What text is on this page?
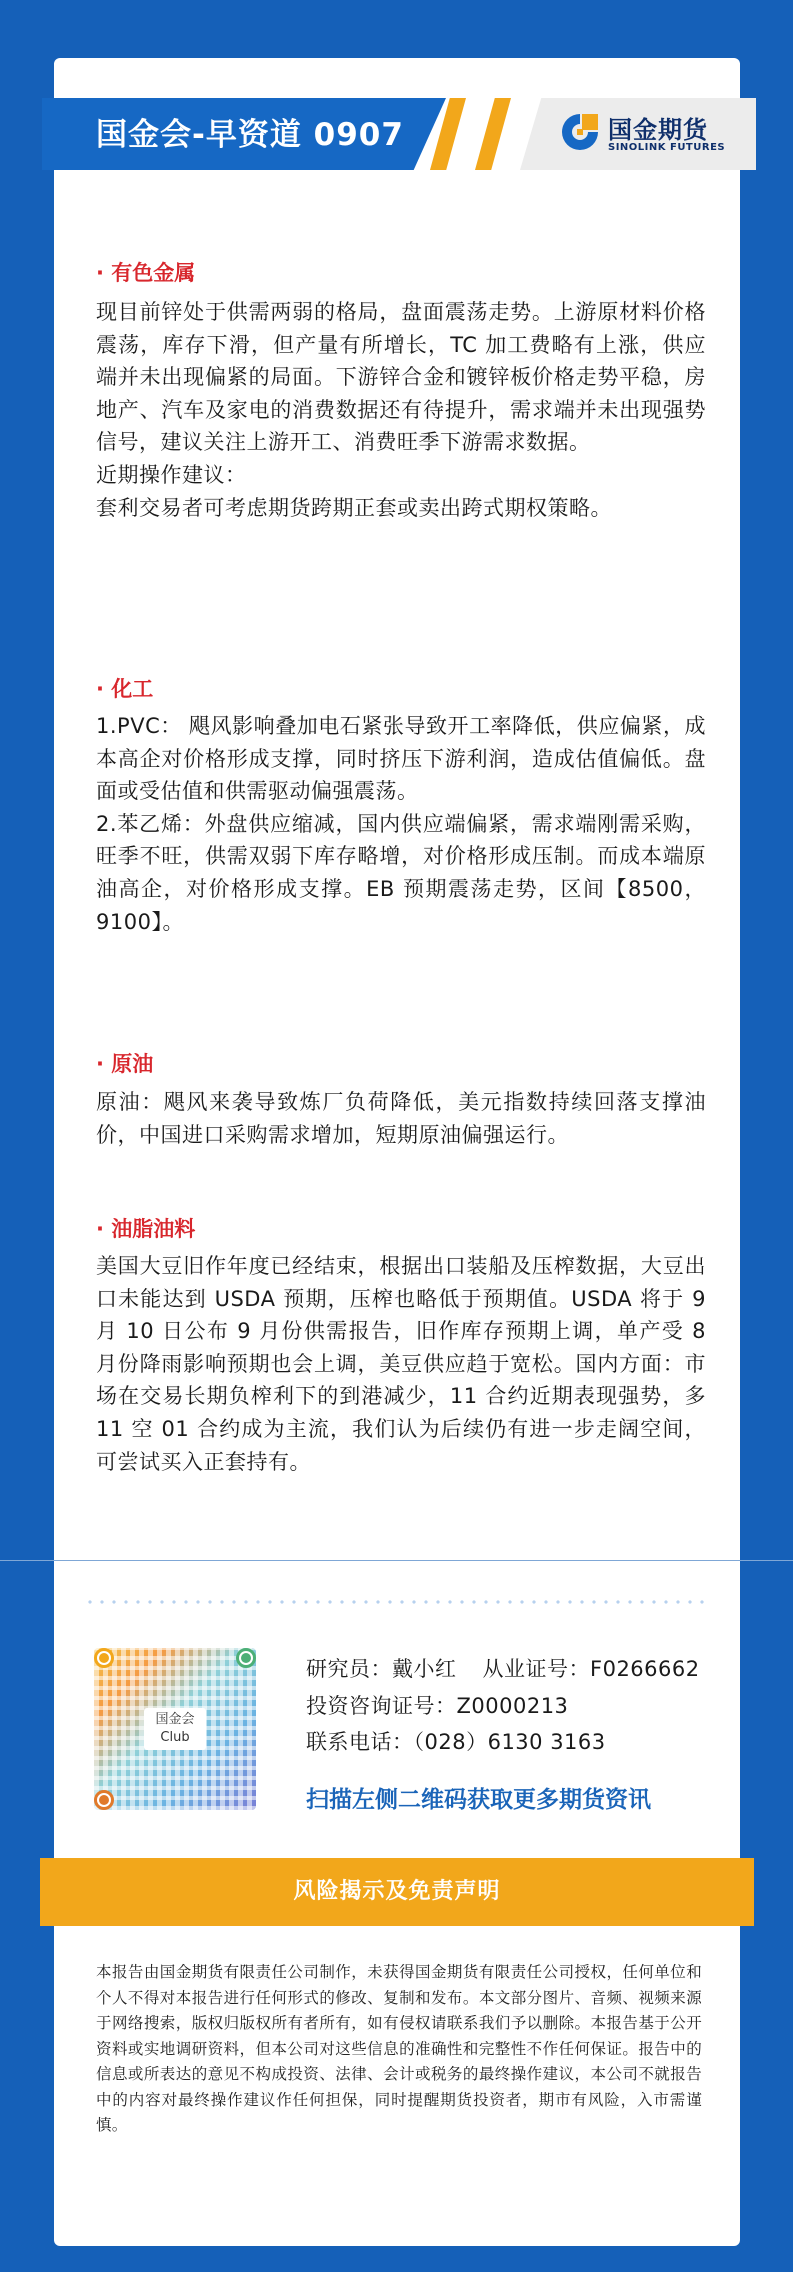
国金会-早资道 0907	国金期货
SINOLINK FUTURES
· 有色金属

现目前锌处于供需两弱的格局，盘面震荡走势。上游原材料价格震荡，库存下滑，但产量有所增长，TC 加工费略有上涨，供应端并未出现偏紧的局面。下游锌合金和镀锌板价格走势平稳，房地产、汽车及家电的消费数据还有待提升，需求端并未出现强势信号，建议关注上游开工、消费旺季下游需求数据。

近期操作建议：

套利交易者可考虑期货跨期正套或卖出跨式期权策略。

· 化工

1.PVC： 飓风影响叠加电石紧张导致开工率降低，供应偏紧，成本高企对价格形成支撑，同时挤压下游利润，造成估值偏低。盘面或受估值和供需驱动偏强震荡。

2.苯乙烯：外盘供应缩减，国内供应端偏紧，需求端刚需采购，旺季不旺，供需双弱下库存略增，对价格形成压制。而成本端原油高企，对价格形成支撑。EB 预期震荡走势，区间【8500，9100】。

· 原油

原油：飓风来袭导致炼厂负荷降低，美元指数持续回落支撑油价，中国进口采购需求增加，短期原油偏强运行。

· 油脂油料

美国大豆旧作年度已经结束，根据出口装船及压榨数据，大豆出口未能达到 USDA 预期，压榨也略低于预期值。USDA 将于 9 月 10 日公布 9 月份供需报告，旧作库存预期上调，单产受 8 月份降雨影响预期也会上调，美豆供应趋于宽松。国内方面：市场在交易长期负榨利下的到港减少，11 合约近期表现强势，多 11 空 01 合约成为主流，我们认为后续仍有进一步走阔空间，可尝试买入正套持有。

国金会
Club
研究员：戴小红 从业证号：F0266662
投资咨询证号：Z0000213
联系电话：（028）6130 3163
扫描左侧二维码获取更多期货资讯
风险揭示及免责声明
本报告由国金期货有限责任公司制作，未获得国金期货有限责任公司授权，任何单位和个人不得对本报告进行任何形式的修改、复制和发布。本文部分图片、音频、视频来源于网络搜索，版权归版权所有者所有，如有侵权请联系我们予以删除。本报告基于公开资料或实地调研资料，但本公司对这些信息的准确性和完整性不作任何保证。报告中的信息或所表达的意见不构成投资、法律、会计或税务的最终操作建议，本公司不就报告中的内容对最终操作建议作任何担保，同时提醒期货投资者，期市有风险，入市需谨慎。
